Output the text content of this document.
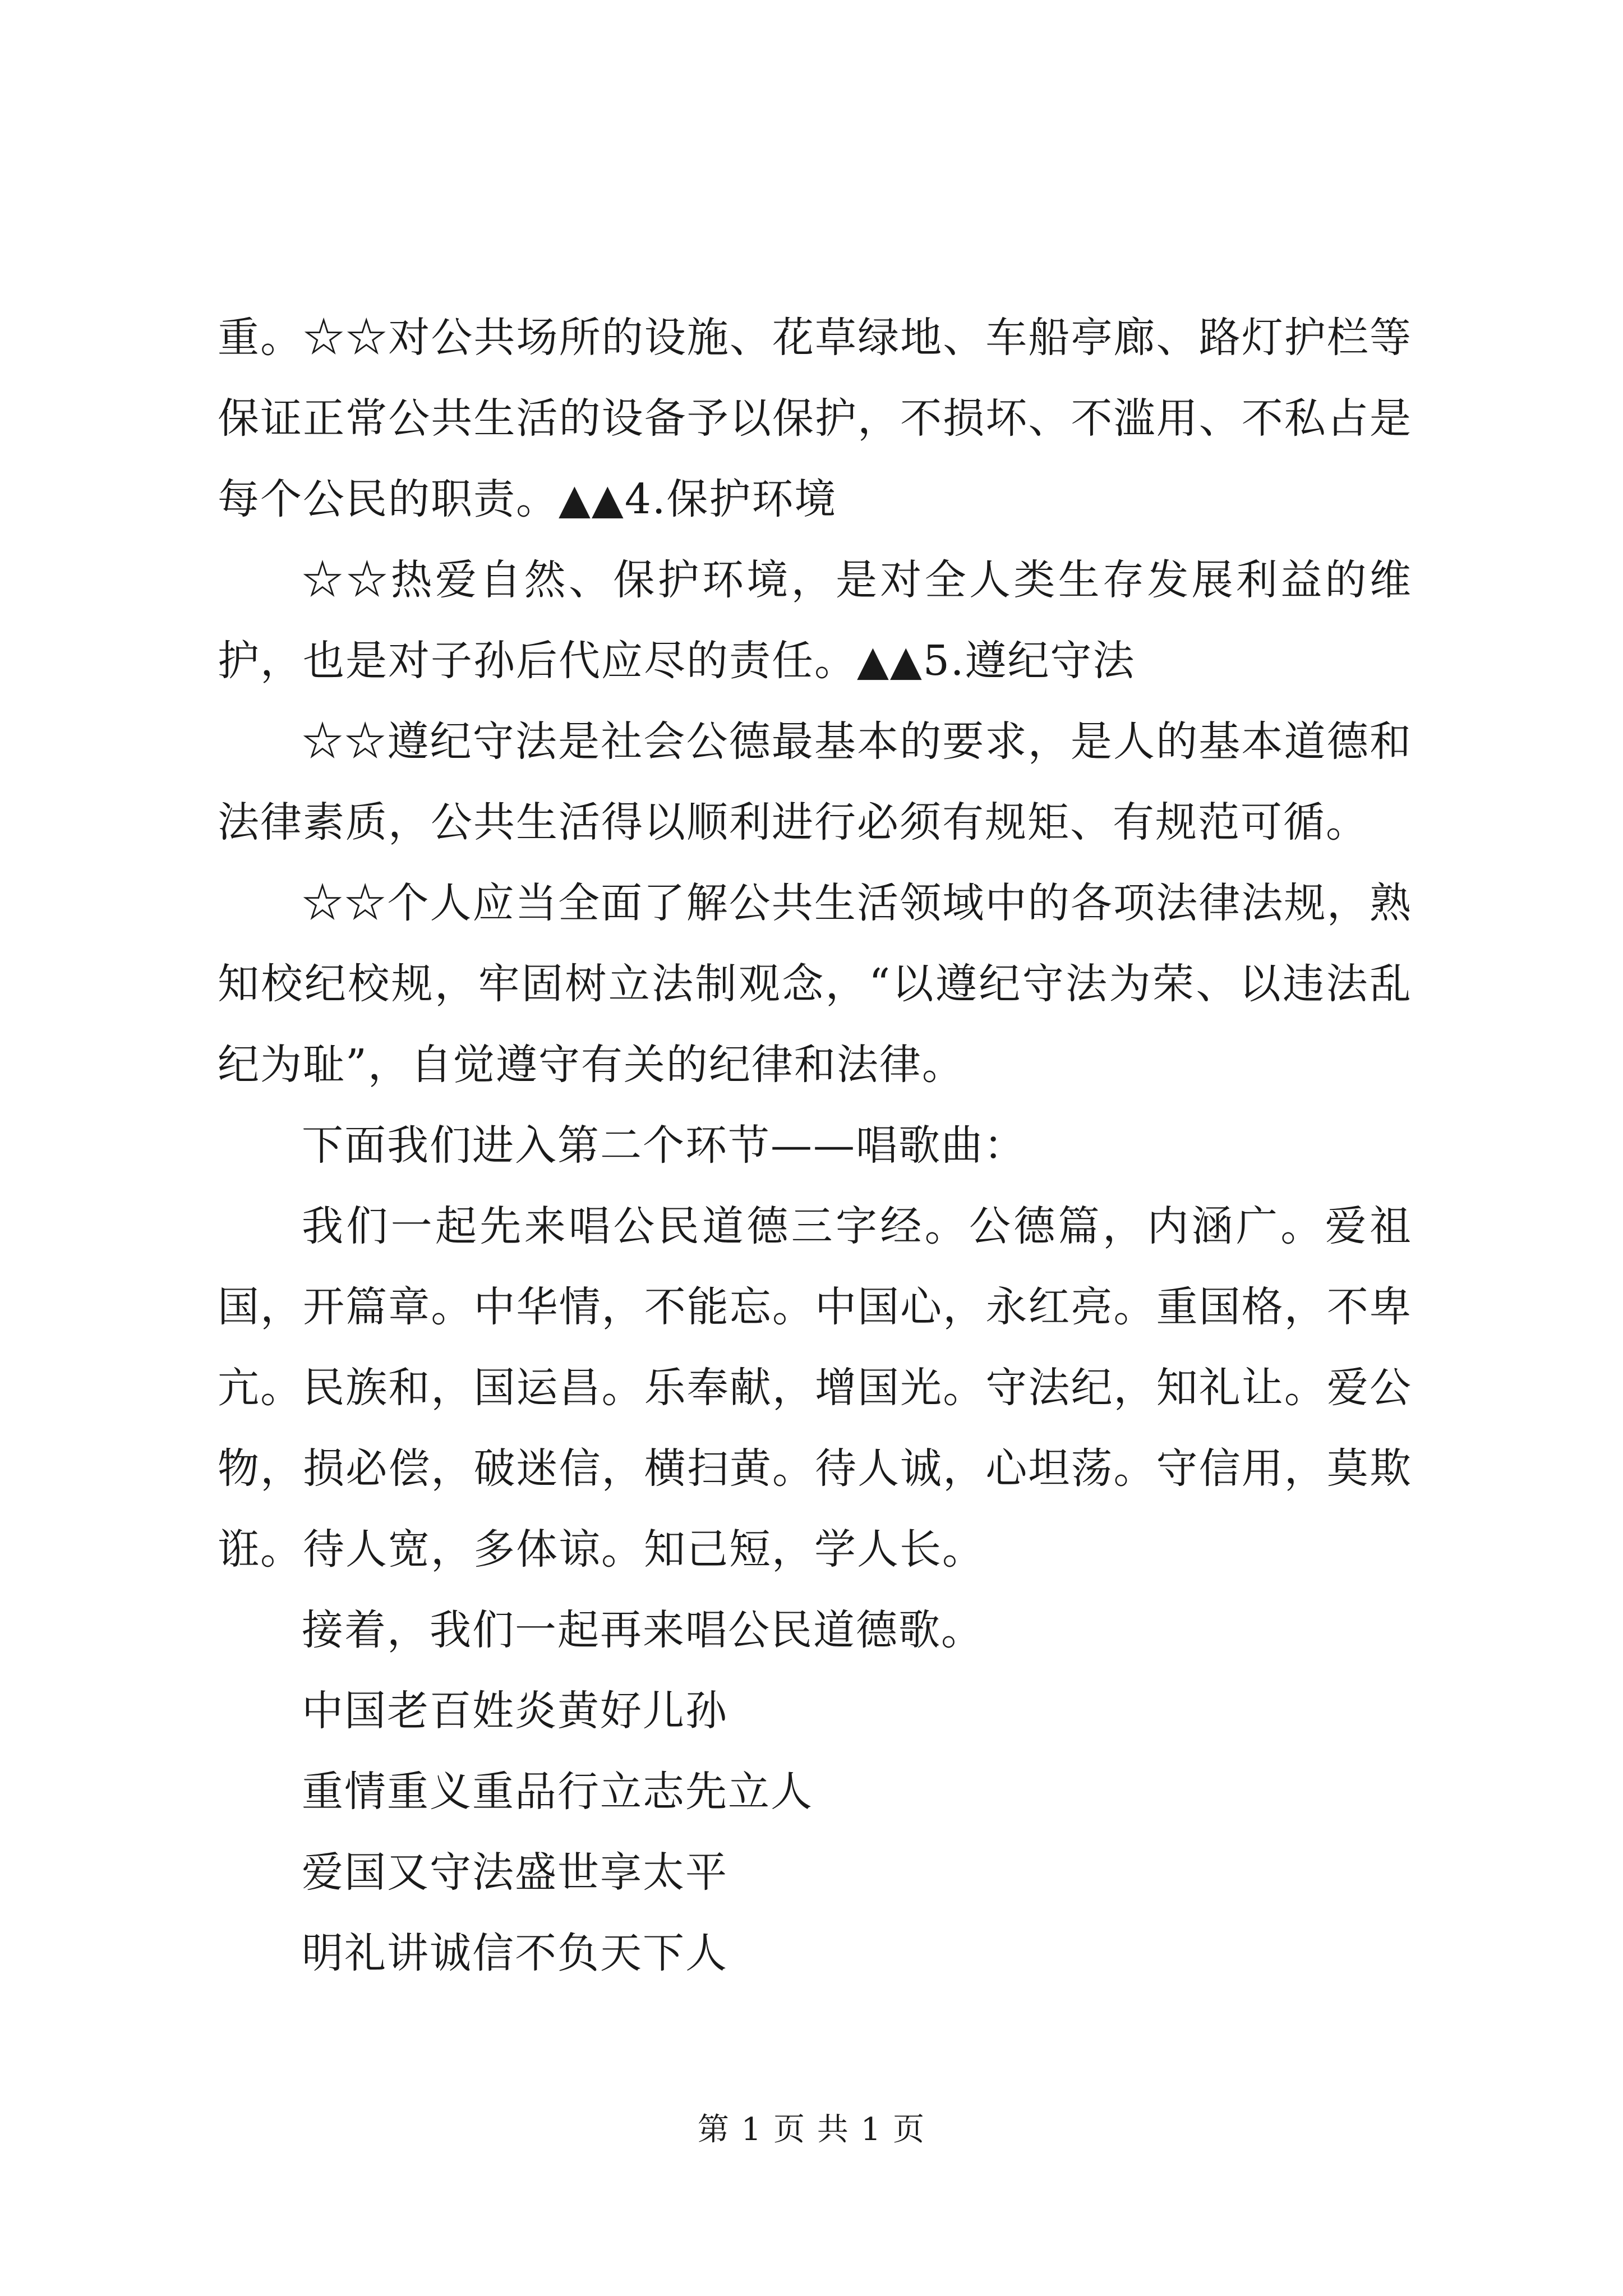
重。☆☆对公共场所的设施、花草绿地、车船亭廊、路灯护栏等保证正常公共生活的设备予以保护，不损坏、不滥用、不私占是每个公民的职责。▲▲4.保护环境

☆☆热爱自然、保护环境，是对全人类生存发展利益的维护，也是对子孙后代应尽的责任。▲▲5.遵纪守法

☆☆遵纪守法是社会公德最基本的要求，是人的基本道德和法律素质，公共生活得以顺利进行必须有规矩、有规范可循。

☆☆个人应当全面了解公共生活领域中的各项法律法规，熟知校纪校规，牢固树立法制观念，“以遵纪守法为荣、以违法乱纪为耻”，自觉遵守有关的纪律和法律。

下面我们进入第二个环节——唱歌曲：

我们一起先来唱公民道德三字经。公德篇，内涵广。爱祖国，开篇章。中华情，不能忘。中国心，永红亮。重国格，不卑亢。民族和，国运昌。乐奉献，增国光。守法纪，知礼让。爱公物，损必偿，破迷信，横扫黄。待人诚，心坦荡。守信用，莫欺诳。待人宽，多体谅。知己短，学人长。

接着，我们一起再来唱公民道德歌。

中国老百姓炎黄好儿孙

重情重义重品行立志先立人

爱国又守法盛世享太平

明礼讲诚信不负天下人

第 1 页 共 1 页
